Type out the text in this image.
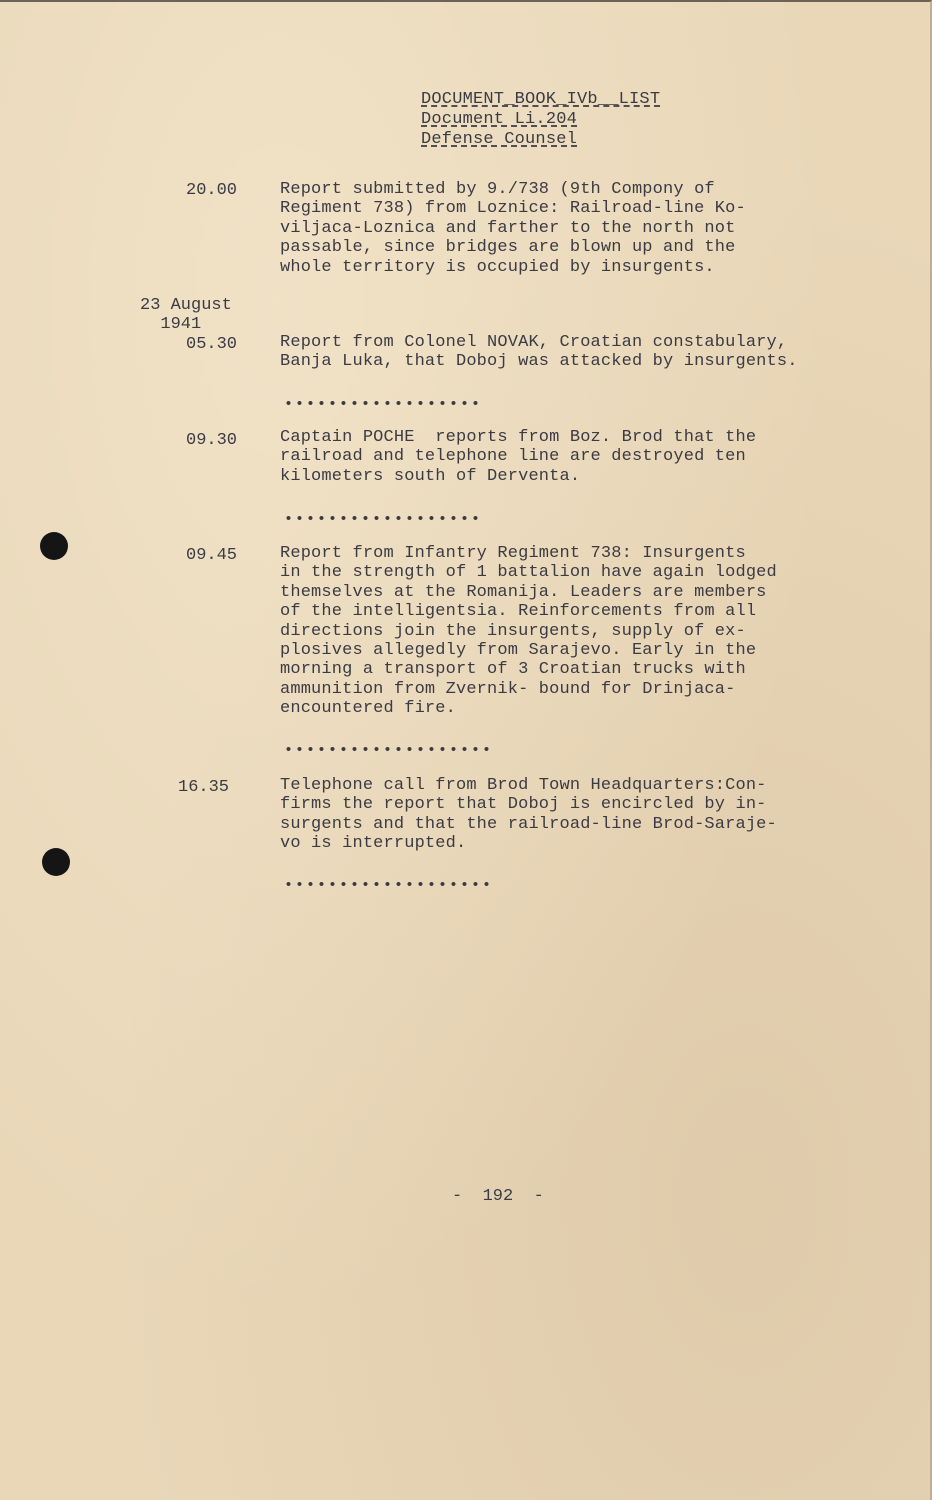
DOCUMENT_BOOK_IVb__LIST
Document Li.204
Defense Counsel
20.00	Report submitted by 9./738 (9th Compony of
Regiment 738) from Loznice: Railroad-line Ko-
viljaca-Loznica and farther to the north not
passable, since bridges are blown up and the
whole territory is occupied by insurgents.
23 August
1941
05.30	Report from Colonel NOVAK, Croatian constabulary,
Banja Luka, that Doboj was attacked by insurgents.
••••••••••••••••••
09.30	Captain POCHE  reports from Boz. Brod that the
railroad and telephone line are destroyed ten
kilometers south of Derventa.
••••••••••••••••••
09.45	Report from Infantry Regiment 738: Insurgents
in the strength of 1 battalion have again lodged
themselves at the Romanija. Leaders are members
of the intelligentsia. Reinforcements from all
directions join the insurgents, supply of ex-
plosives allegedly from Sarajevo. Early in the
morning a transport of 3 Croatian trucks with
ammunition from Zvernik- bound for Drinjaca-
encountered fire.
•••••••••••••••••••
16.35	Telephone call from Brod Town Headquarters:Con-
firms the report that Doboj is encircled by in-
surgents and that the railroad-line Brod-Saraje-
vo is interrupted.
•••••••••••••••••••
-  192  -
